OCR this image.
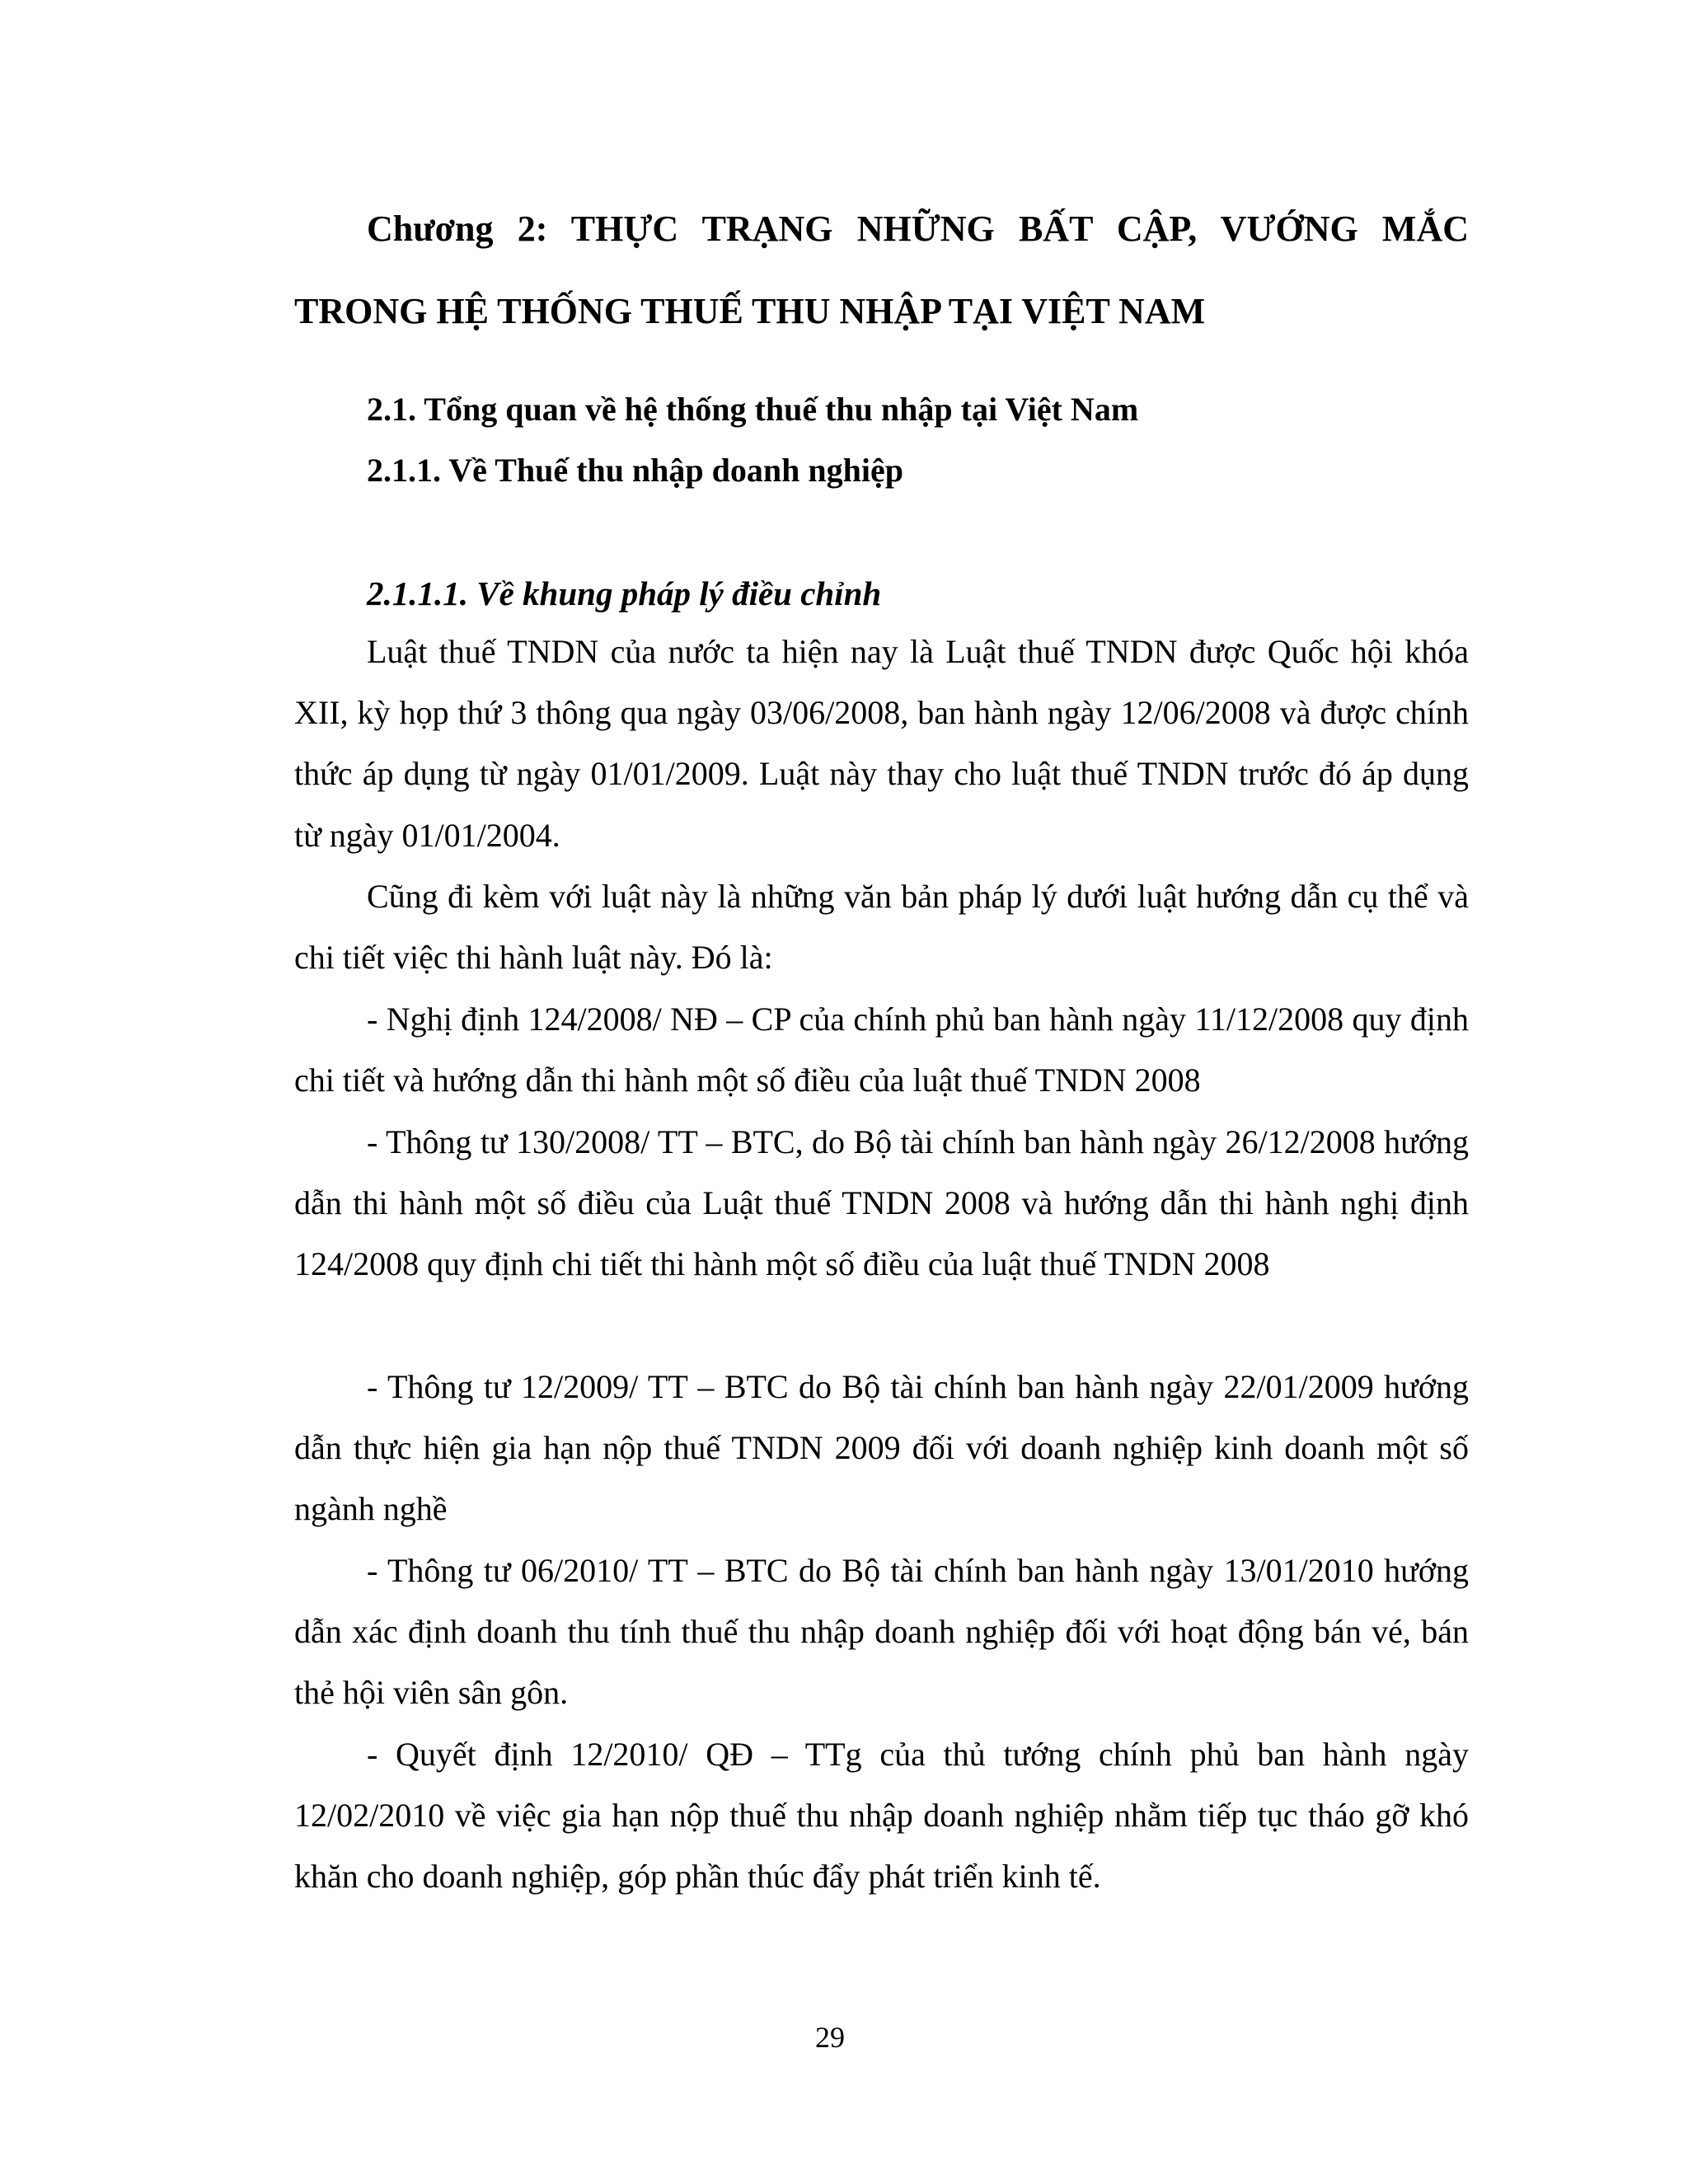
Chương 2: THỰC TRẠNG NHỮNG BẤT CẬP, VƯỚNG MẮC
TRONG HỆ THỐNG THUẾ THU NHẬP TẠI VIỆT NAM
2.1. Tổng quan về hệ thống thuế thu nhập tại Việt Nam
2.1.1. Về Thuế thu nhập doanh nghiệp
2.1.1.1. Về khung pháp lý điều chỉnh

Luật thuế TNDN của nước ta hiện nay là Luật thuế TNDN được Quốc hội khóa XII, kỳ họp thứ 3 thông qua ngày 03/06/2008, ban hành ngày 12/06/2008 và được chính thức áp dụng từ ngày 01/01/2009. Luật này thay cho luật thuế TNDN trước đó áp dụng từ ngày 01/01/2004.

Cũng đi kèm với luật này là những văn bản pháp lý dưới luật hướng dẫn cụ thể và chi tiết việc thi hành luật này. Đó là:

- Nghị định 124/2008/ NĐ – CP của chính phủ ban hành ngày 11/12/2008 quy định chi tiết và hướng dẫn thi hành một số điều của luật thuế TNDN 2008

- Thông tư 130/2008/ TT – BTC, do Bộ tài chính ban hành ngày 26/12/2008 hướng dẫn thi hành một số điều của Luật thuế TNDN 2008 và hướng dẫn thi hành nghị định 124/2008 quy định chi tiết thi hành một số điều của luật thuế TNDN 2008

- Thông tư 12/2009/ TT – BTC do Bộ tài chính ban hành ngày 22/01/2009 hướng dẫn thực hiện gia hạn nộp thuế TNDN 2009 đối với doanh nghiệp kinh doanh một số ngành nghề

- Thông tư 06/2010/ TT – BTC do Bộ tài chính ban hành ngày 13/01/2010 hướng dẫn xác định doanh thu tính thuế thu nhập doanh nghiệp đối với hoạt động bán vé, bán thẻ hội viên sân gôn.

- Quyết định 12/2010/ QĐ – TTg của thủ tướng chính phủ ban hành ngày 12/02/2010 về việc gia hạn nộp thuế thu nhập doanh nghiệp nhằm tiếp tục tháo gỡ khó khăn cho doanh nghiệp, góp phần thúc đẩy phát triển kinh tế.

29
